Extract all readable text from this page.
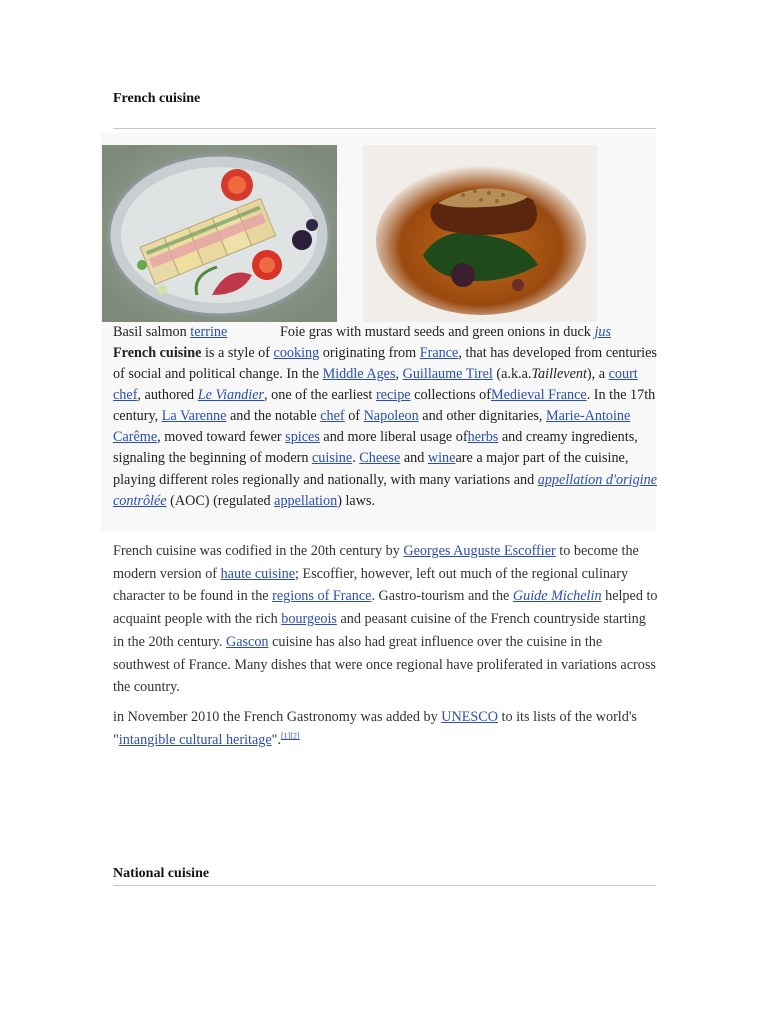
French cuisine
Basil salmon terrine	Foie gras with mustard seeds and green onions in duck jus
French cuisine is a style of cooking originating from France, that has developed from centuries of social and political change. In the Middle Ages, Guillaume Tirel (a.k.a.Taillevent), a court chef, authored Le Viandier, one of the earliest recipe collections ofMedieval France. In the 17th century, La Varenne and the notable chef of Napoleon and other dignitaries, Marie-Antoine Carême, moved toward fewer spices and more liberal usage ofherbs and creamy ingredients, signaling the beginning of modern cuisine. Cheese and wineare a major part of the cuisine, playing different roles regionally and nationally, with many variations and appellation d'origine contrôlée (AOC) (regulated appellation) laws.
French cuisine was codified in the 20th century by Georges Auguste Escoffier to become the modern version of haute cuisine; Escoffier, however, left out much of the regional culinary character to be found in the regions of France. Gastro-tourism and the Guide Michelin helped to acquaint people with the rich bourgeois and peasant cuisine of the French countryside starting in the 20th century. Gascon cuisine has also had great influence over the cuisine in the southwest of France. Many dishes that were once regional have proliferated in variations across the country.
in November 2010 the French Gastronomy was added by UNESCO to its lists of the world's "intangible cultural heritage".[1][2]
National cuisine
